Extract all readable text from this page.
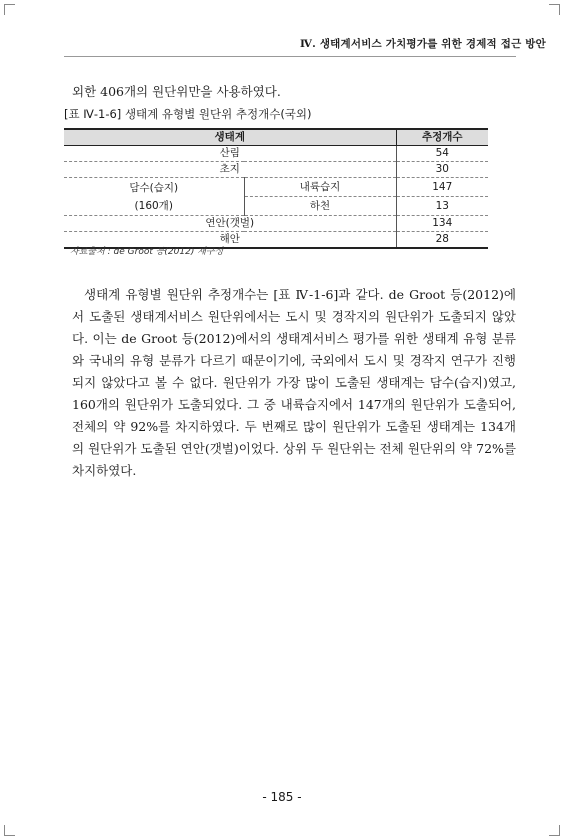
Ⅳ. 생태계서비스 가치평가를 위한 경제적 접근 방안
외한 406개의 원단위만을 사용하였다.
[표 Ⅳ-1-6] 생태계 유형별 원단위 추정개수(국외)
생태계		추정개수
산림		54
초지		30

담수(습지)
(160개)	내륙습지	147
	하천	13
연안(갯벌)		134
해안		28
자료출처 : de Groot 등(2012) 재구성

생태계 유형별 원단위 추정개수는 [표 Ⅳ-1-6]과 같다. de Groot 등(2012)에서 도출된 생태계서비스 원단위에서는 도시 및 경작지의 원단위가 도출되지 않았다. 이는 de Groot 등(2012)에서의 생태계서비스 평가를 위한 생태계 유형 분류와 국내의 유형 분류가 다르기 때문이기에, 국외에서 도시 및 경작지 연구가 진행되지 않았다고 볼 수 없다. 원단위가 가장 많이 도출된 생태계는 담수(습지)였고, 160개의 원단위가 도출되었다. 그 중 내륙습지에서 147개의 원단위가 도출되어, 전체의 약 92%를 차지하였다. 두 번째로 많이 원단위가 도출된 생태계는 134개의 원단위가 도출된 연안(갯벌)이었다. 상위 두 원단위는 전체 원단위의 약 72%를 차지하였다.

- 185 -
